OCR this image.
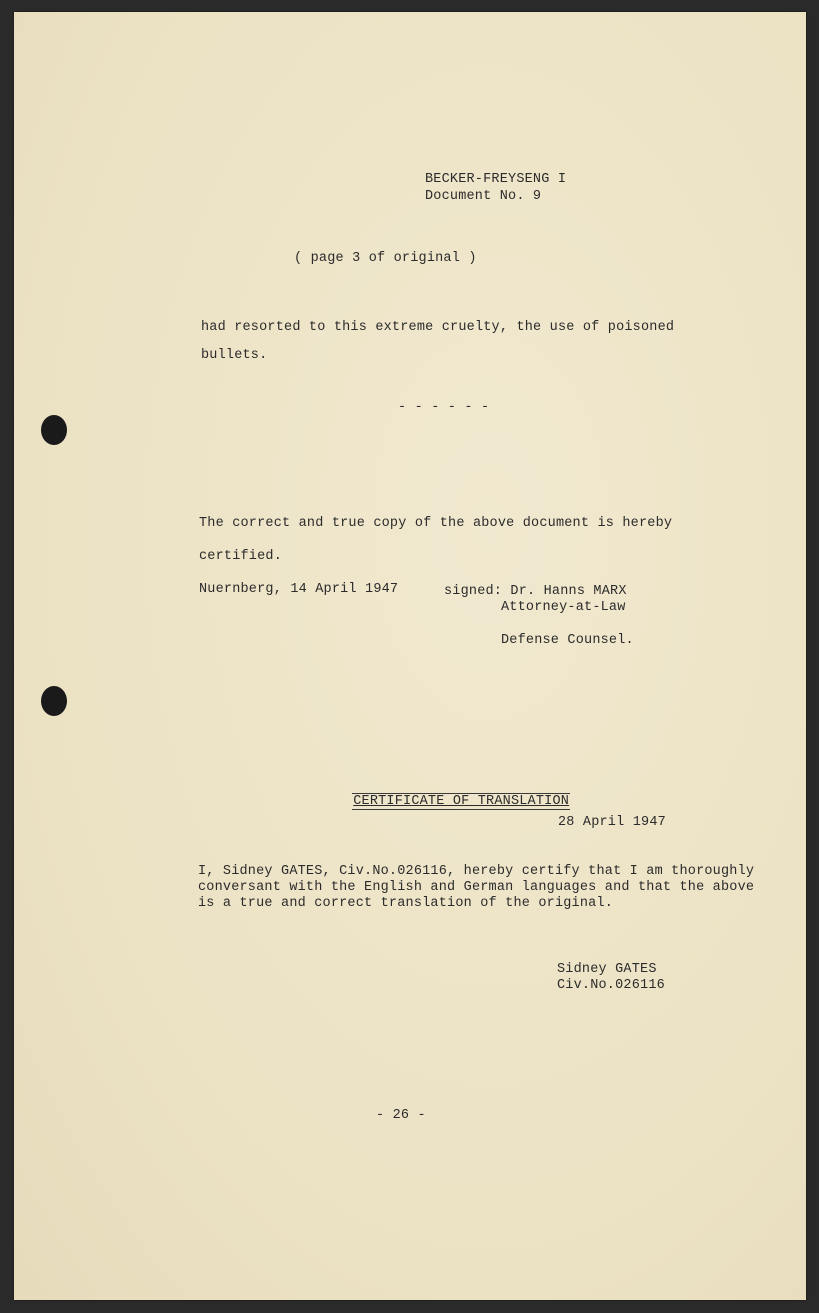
BECKER-FREYSENG I
Document No. 9
( page 3 of original )
had resorted to this extreme cruelty, the use of poisoned
bullets.
- - - - - -
The correct and true copy of the above document is hereby
certified.
Nuernberg, 14 April 1947	signed: Dr. Hanns MARX
Attorney-at-Law
Defense Counsel.

CERTIFICATE OF TRANSLATION

28 April 1947
I, Sidney GATES, Civ.No.026116, hereby certify that I am thoroughly
conversant with the English and German languages and that the above
is a true and correct translation of the original.
Sidney GATES
Civ.No.026116
- 26 -
